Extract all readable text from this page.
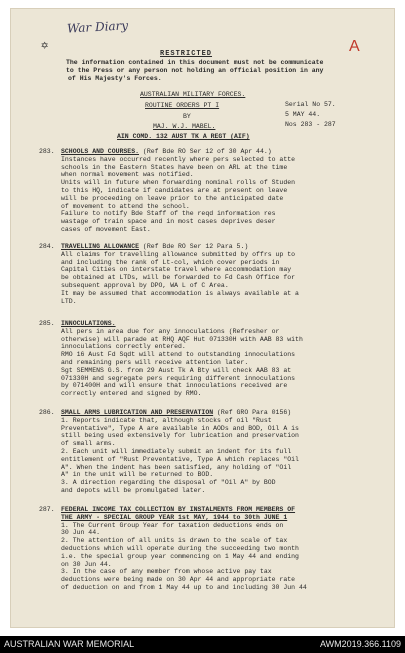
✡
War Diary
A
RESTRICTED
The information contained in this document must not be communicate
to the Press or any person not holding an official position in any
of His Majesty's Forces.
AUSTRALIAN MILITARY FORCES.
ROUTINE ORDERS PT I
BY
MAJ. W.J. MABEL.
AIN COMD. 132 AUST TK A REGT (AIF)
Serial No 57.
5 MAY 44.
Nos 283 - 287
283. SCHOOLS AND COURSES. (Ref Bde RO Ser 12 of 30 Apr 44.)
Instances have occurred recently where pers selected to atte
schools in the Eastern States have been on ARL at the time
when normal movement was notified.
Units will in future when forwarding nominal rolls of Studen
to this HQ, indicate if candidates are at present on leave
will be proceeding on leave prior to the anticipated date
of movement to attend the school.
Failure to notify Bde Staff of the reqd information res
wastage of train space and in most cases deprives deser
cases of movement East.
284. TRAVELLING ALLOWANCE (Ref Bde RO Ser 12 Para 5.)
All claims for travelling allowance submitted by offrs up to
and including the rank of Lt-col, which cover periods in
Capital Cities on interstate travel where accommodation may
be obtained at LTDs, will be forwarded to Fd Cash Office for
subsequent approval by DPO, WA L of C Area.
It may be assumed that accommodation is always available at a
LTD.
285. INNOCULATIONS.
All pers in area due for any innoculations (Refresher or
otherwise) will parade at RHQ AQF Hut 071330H with AAB 83 with
innoculations correctly entered.
RMO 16 Aust Fd Sqdt will attend to outstanding innoculations
and remaining pers will receive attention later.
Sgt SEMMENS G.S. from 29 Aust Tk A Bty will check AAB 83 at
071330H and segregate pers requiring different innoculations
by 071400H and will ensure that innoculations received are
correctly entered and signed by RMO.
286. SMALL ARMS LUBRICATION AND PRESERVATION (Ref GRO Para 0156)
1. Reports indicate that, although stocks of oil "Rust
Preventative", Type A are available in AODs and BOD, Oil A is
still being used extensively for lubrication and preservation
of small arms.
2. Each unit will immediately submit an indent for its full
entitlement of "Rust Preventative, Type A which replaces "Oil
A". When the indent has been satisfied, any holding of "Oil
A" in the unit will be returned to BOD.
3. A direction regarding the disposal of "Oil A" by BOD
and depots will be promulgated later.
287. FEDERAL INCOME TAX COLLECTION BY INSTALMENTS FROM MEMBERS OF
THE ARMY - SPECIAL GROUP YEAR 1st MAY, 1944 to 30th JUNE 1
1. The Current Group Year for taxation deductions ends on
30 Jun 44.
2. The attention of all units is drawn to the scale of tax
deductions which will operate during the succeeding two month
i.e. the special group year commencing on 1 May 44 and ending
on 30 Jun 44.
3. In the case of any member from whose active pay tax
deductions were being made on 30 Apr 44 and appropriate rate
of deduction on and from 1 May 44 up to and including 30 Jun 44
AUSTRALIAN WAR MEMORIAL	AWM2019.366.1109
